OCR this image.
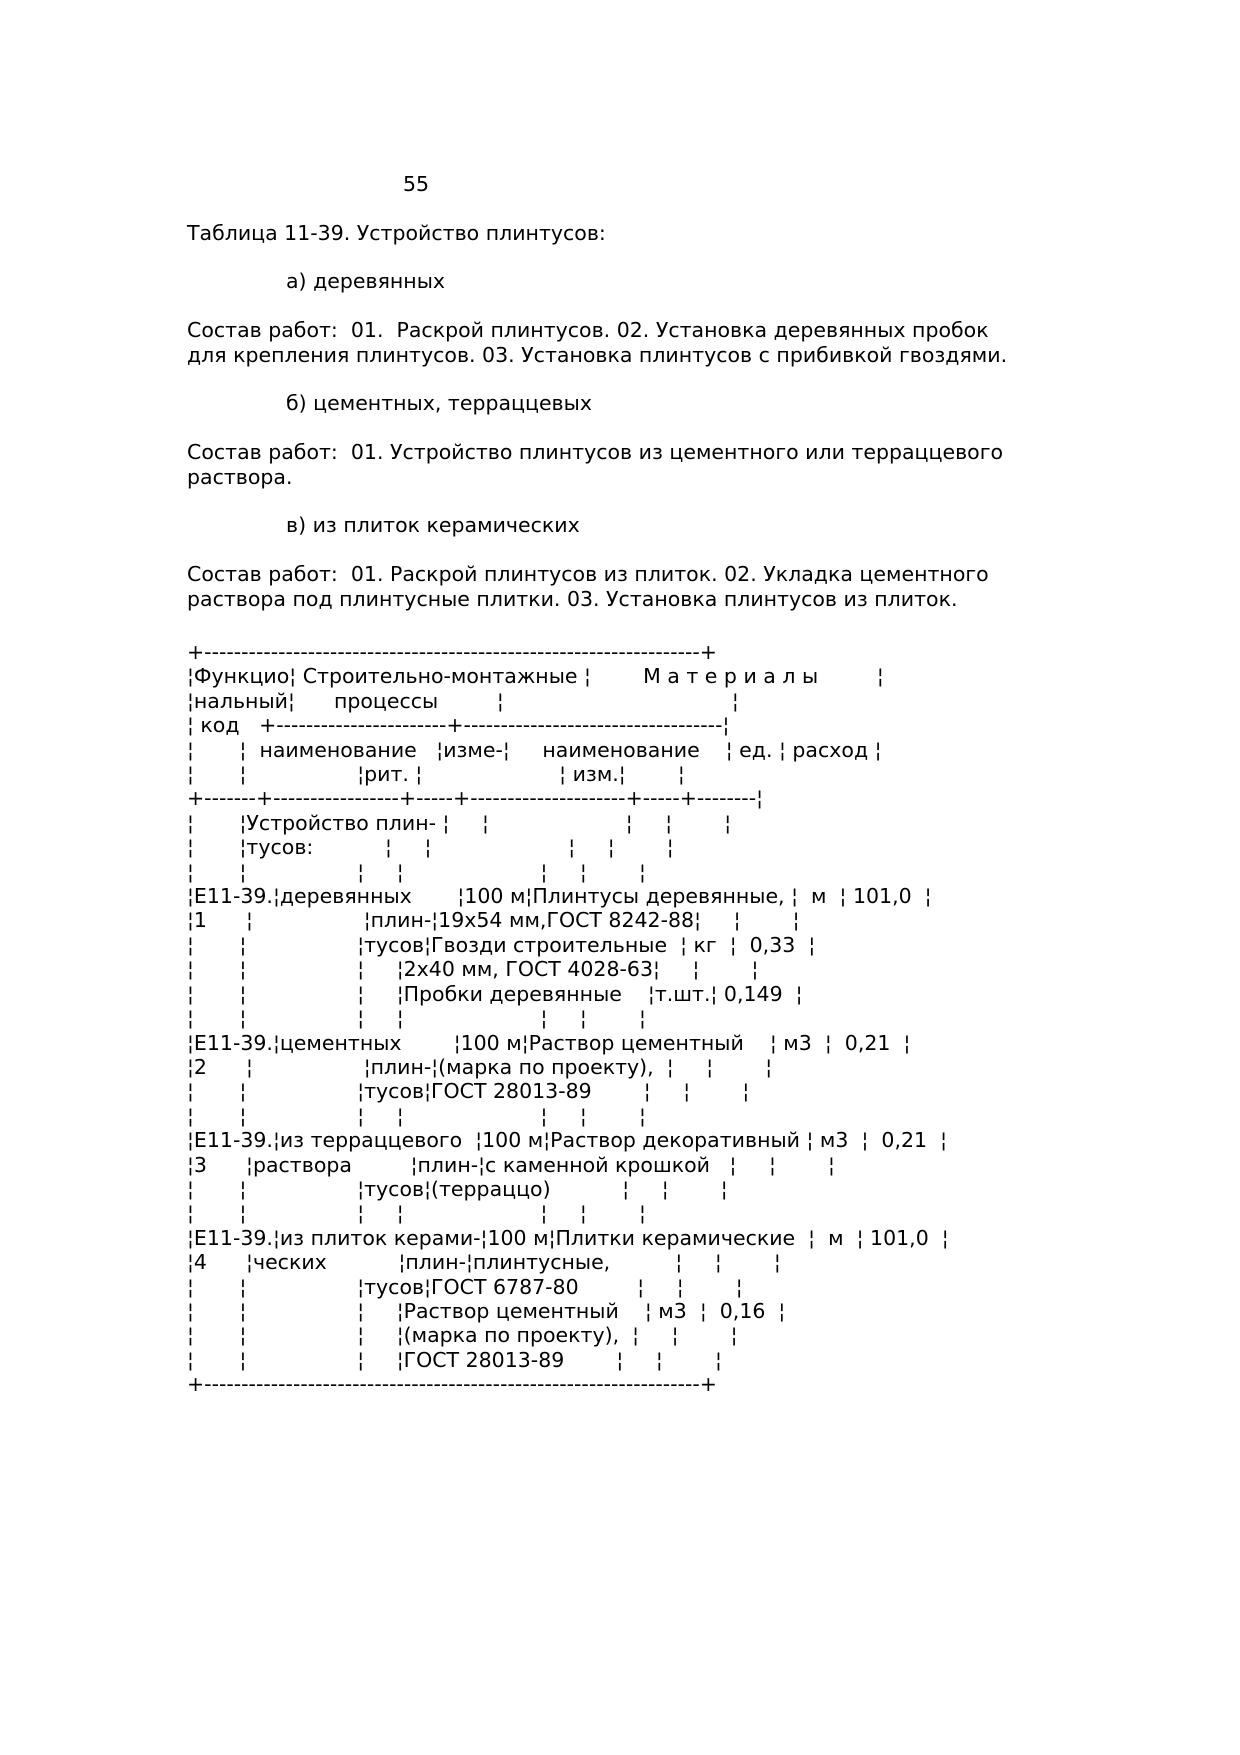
55
Таблица 11-39. Устройство плинтусов:
а) деревянных
Состав работ:  01.  Раскрой плинтусов. 02. Установка деревянных пробок
для крепления плинтусов. 03. Установка плинтусов с прибивкой гвоздями.
б) цементных, терраццевых
Состав работ:  01. Устройство плинтусов из цементного или терраццевого
раствора.
в) из плиток керамических
Состав работ:  01. Раскрой плинтусов из плиток. 02. Укладка цементного
раствора под плинтусные плитки. 03. Установка плинтусов из плиток.
+-------------------------------------------------------------------+
¦Функцио¦ Строительно-монтажные ¦        М а т е р и а л ы         ¦
¦нальный¦      процессы         ¦                                   ¦
¦ код   +-----------------------+-----------------------------------¦
¦       ¦  наименование   ¦изме-¦     наименование    ¦ ед. ¦ расход ¦
¦       ¦                 ¦рит. ¦                     ¦ изм.¦        ¦
+-------+-----------------+-----+---------------------+-----+--------¦
¦       ¦Устройство плин- ¦     ¦                     ¦     ¦        ¦
¦       ¦тусов:           ¦     ¦                     ¦     ¦        ¦
¦       ¦                 ¦     ¦                     ¦     ¦        ¦
¦Е11-39.¦деревянных       ¦100 м¦Плинтусы деревянные, ¦  м  ¦ 101,0  ¦
¦1      ¦                 ¦плин-¦19х54 мм,ГОСТ 8242-88¦     ¦        ¦
¦       ¦                 ¦тусов¦Гвозди строительные  ¦ кг  ¦  0,33  ¦
¦       ¦                 ¦     ¦2х40 мм, ГОСТ 4028-63¦     ¦        ¦
¦       ¦                 ¦     ¦Пробки деревянные    ¦т.шт.¦ 0,149  ¦
¦       ¦                 ¦     ¦                     ¦     ¦        ¦
¦Е11-39.¦цементных        ¦100 м¦Раствор цементный    ¦ м3  ¦  0,21  ¦
¦2      ¦                 ¦плин-¦(марка по проекту),  ¦     ¦        ¦
¦       ¦                 ¦тусов¦ГОСТ 28013-89        ¦     ¦        ¦
¦       ¦                 ¦     ¦                     ¦     ¦        ¦
¦Е11-39.¦из терраццевого  ¦100 м¦Раствор декоративный ¦ м3  ¦  0,21  ¦
¦3      ¦раствора         ¦плин-¦с каменной крошкой   ¦     ¦        ¦
¦       ¦                 ¦тусов¦(терраццо)           ¦     ¦        ¦
¦       ¦                 ¦     ¦                     ¦     ¦        ¦
¦Е11-39.¦из плиток керами-¦100 м¦Плитки керамические  ¦  м  ¦ 101,0  ¦
¦4      ¦ческих           ¦плин-¦плинтусные,          ¦     ¦        ¦
¦       ¦                 ¦тусов¦ГОСТ 6787-80         ¦     ¦        ¦
¦       ¦                 ¦     ¦Раствор цементный    ¦ м3  ¦  0,16  ¦
¦       ¦                 ¦     ¦(марка по проекту),  ¦     ¦        ¦
¦       ¦                 ¦     ¦ГОСТ 28013-89        ¦     ¦        ¦
+-------------------------------------------------------------------+
